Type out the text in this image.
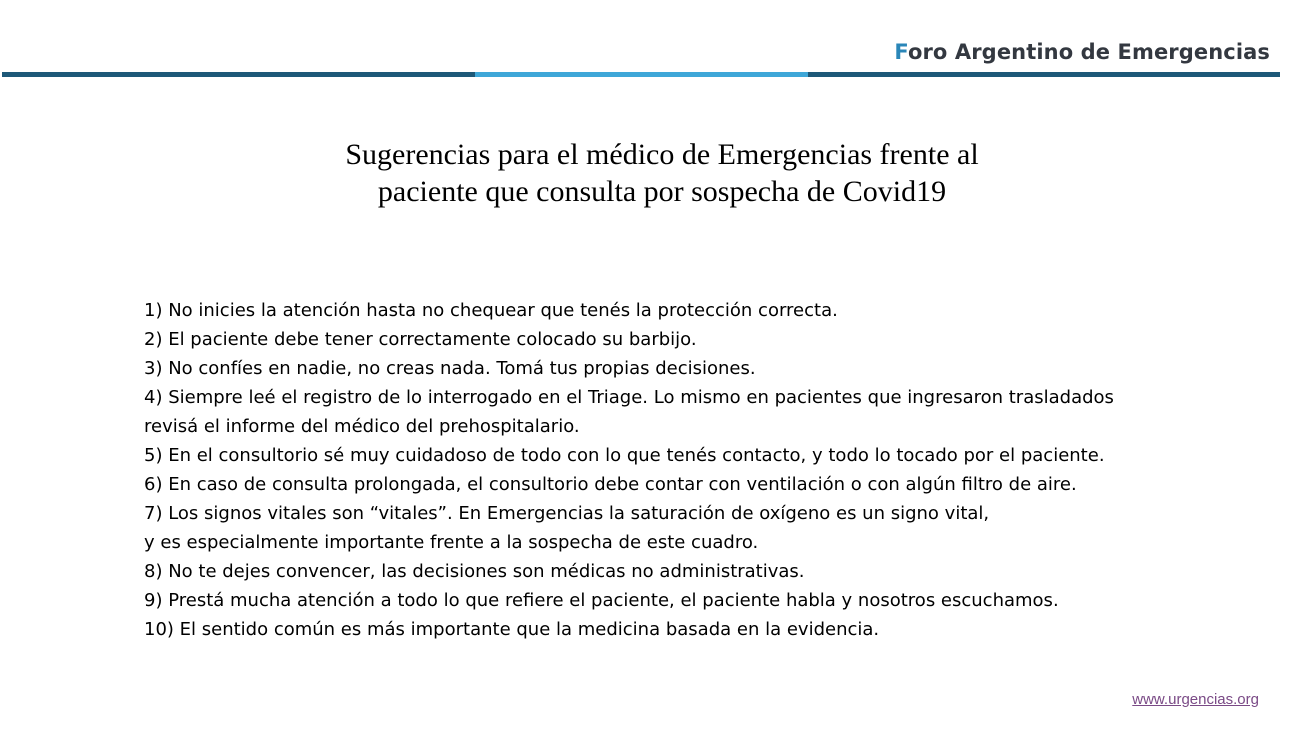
Foro Argentino de Emergencias
Sugerencias para el médico de Emergencias frente al
paciente que consulta por sospecha de Covid19
1) No inicies la atención hasta no chequear que tenés la protección correcta.
2) El paciente debe tener correctamente colocado su barbijo.
3) No confíes en nadie, no creas nada. Tomá tus propias decisiones.
4) Siempre leé el registro de lo interrogado en el Triage. Lo mismo en pacientes que ingresaron trasladados
revisá el informe del médico del prehospitalario.
5) En el consultorio sé muy cuidadoso de todo con lo que tenés contacto, y todo lo tocado por el paciente.
6) En caso de consulta prolongada, el consultorio debe contar con ventilación o con algún filtro de aire.
7) Los signos vitales son “vitales”. En Emergencias la saturación de oxígeno es un signo vital,
y es especialmente importante frente a la sospecha de este cuadro.
8) No te dejes convencer, las decisiones son médicas no administrativas.
9) Prestá mucha atención a todo lo que refiere el paciente, el paciente habla y nosotros escuchamos.
10) El sentido común es más importante que la medicina basada en la evidencia.
www.urgencias.org
